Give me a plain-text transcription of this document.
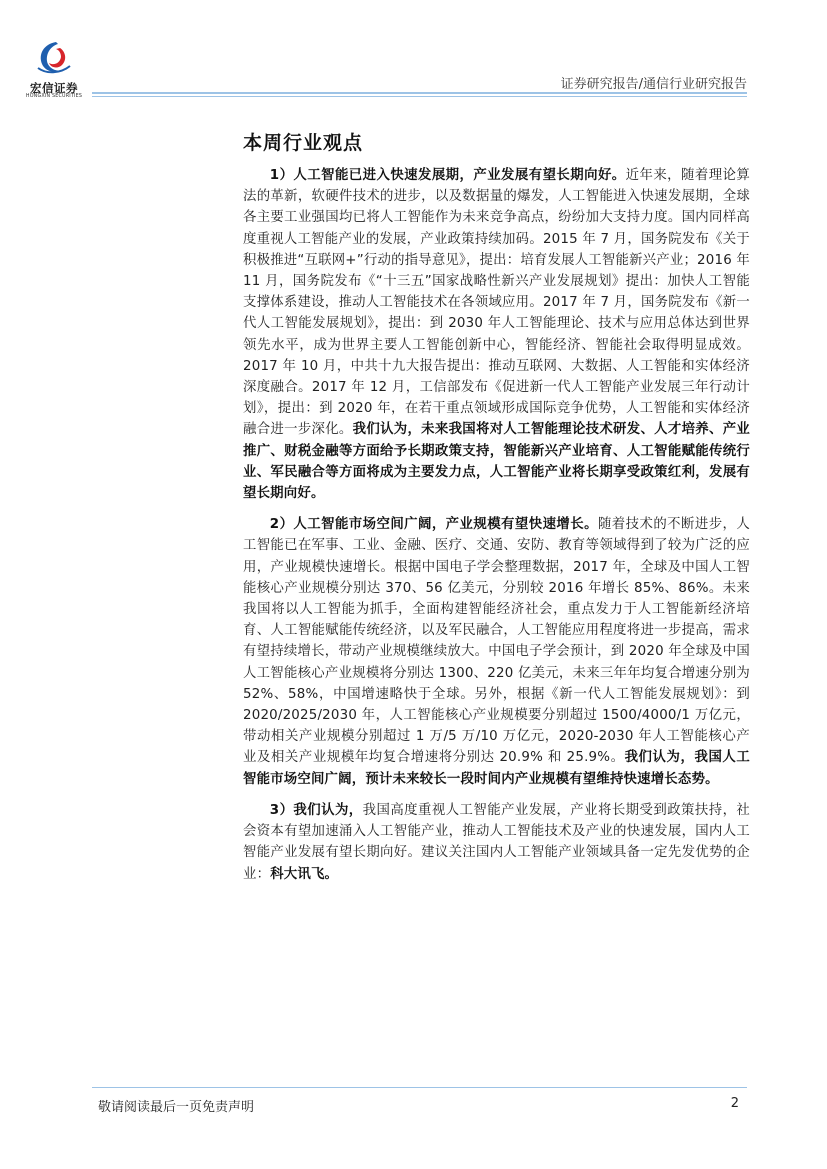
宏信证券
HONGXIN SECURITIES
证券研究报告/通信行业研究报告
本周行业观点

1）人工智能已进入快速发展期，产业发展有望长期向好。近年来，随着理论算法的革新，软硬件技术的进步，以及数据量的爆发，人工智能进入快速发展期，全球各主要工业强国均已将人工智能作为未来竞争高点，纷纷加大支持力度。国内同样高度重视人工智能产业的发展，产业政策持续加码。2015 年 7 月，国务院发布《关于积极推进“互联网+”行动的指导意见》，提出：培育发展人工智能新兴产业；2016 年 11 月，国务院发布《“十三五”国家战略性新兴产业发展规划》提出：加快人工智能支撑体系建设，推动人工智能技术在各领域应用。2017 年 7 月，国务院发布《新一代人工智能发展规划》，提出：到 2030 年人工智能理论、技术与应用总体达到世界领先水平，成为世界主要人工智能创新中心，智能经济、智能社会取得明显成效。2017 年 10 月，中共十九大报告提出：推动互联网、大数据、人工智能和实体经济深度融合。2017 年 12 月，工信部发布《促进新一代人工智能产业发展三年行动计划》，提出：到 2020 年，在若干重点领域形成国际竞争优势，人工智能和实体经济融合进一步深化。我们认为，未来我国将对人工智能理论技术研发、人才培养、产业推广、财税金融等方面给予长期政策支持，智能新兴产业培育、人工智能赋能传统行业、军民融合等方面将成为主要发力点，人工智能产业将长期享受政策红利，发展有望长期向好。

2）人工智能市场空间广阔，产业规模有望快速增长。随着技术的不断进步，人工智能已在军事、工业、金融、医疗、交通、安防、教育等领域得到了较为广泛的应用，产业规模快速增长。根据中国电子学会整理数据，2017 年，全球及中国人工智能核心产业规模分别达 370、56 亿美元，分别较 2016 年增长 85%、86%。未来我国将以人工智能为抓手，全面构建智能经济社会，重点发力于人工智能新经济培育、人工智能赋能传统经济，以及军民融合，人工智能应用程度将进一步提高，需求有望持续增长，带动产业规模继续放大。中国电子学会预计，到 2020 年全球及中国人工智能核心产业规模将分别达 1300、220 亿美元，未来三年年均复合增速分别为 52%、58%，中国增速略快于全球。另外，根据《新一代人工智能发展规划》：到 2020/2025/2030 年，人工智能核心产业规模要分别超过 1500/4000/1 万亿元，带动相关产业规模分别超过 1 万/5 万/10 万亿元，2020-2030 年人工智能核心产业及相关产业规模年均复合增速将分别达 20.9% 和 25.9%。我们认为，我国人工智能市场空间广阔，预计未来较长一段时间内产业规模有望维持快速增长态势。

3）我们认为，我国高度重视人工智能产业发展，产业将长期受到政策扶持，社会资本有望加速涌入人工智能产业，推动人工智能技术及产业的快速发展，国内人工智能产业发展有望长期向好。建议关注国内人工智能产业领域具备一定先发优势的企业：科大讯飞。

敬请阅读最后一页免责声明	2
